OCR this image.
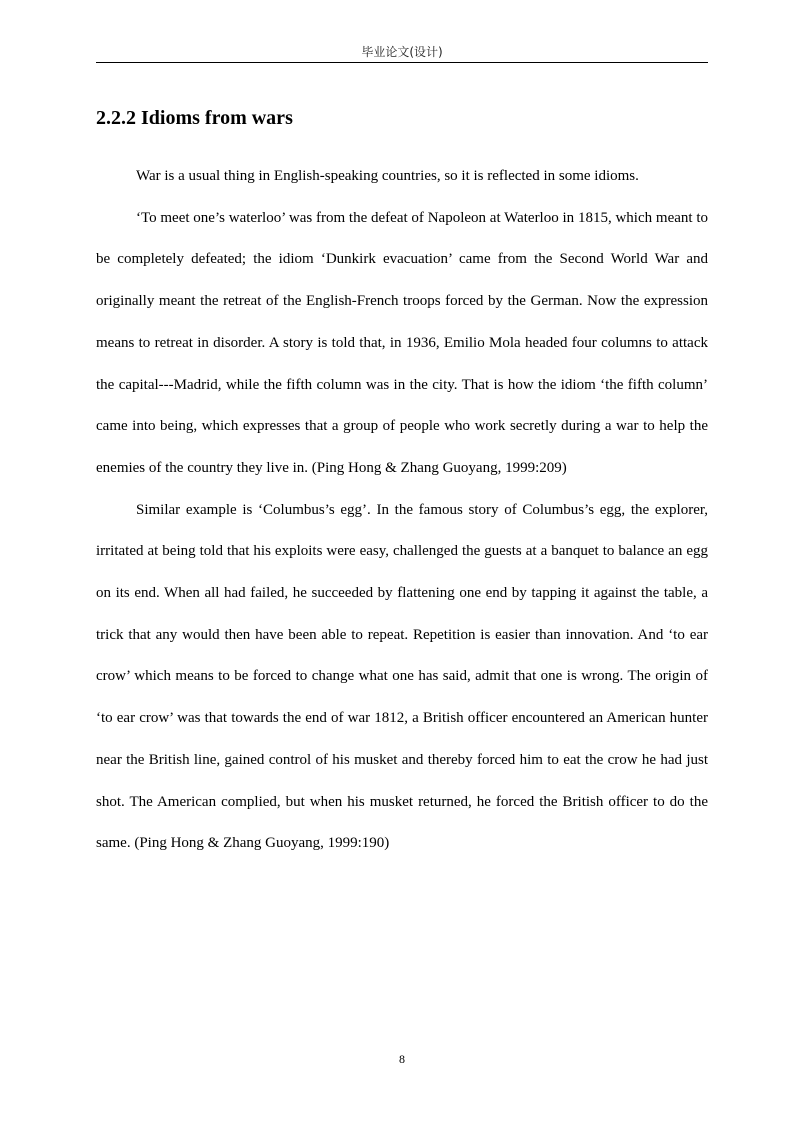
毕业论文(设计)
2.2.2 Idioms from wars

War is a usual thing in English-speaking countries, so it is reflected in some idioms.

‘To meet one’s waterloo’ was from the defeat of Napoleon at Waterloo in 1815, which meant to be completely defeated; the idiom ‘Dunkirk evacuation’ came from the Second World War and originally meant the retreat of the English-French troops forced by the German. Now the expression means to retreat in disorder. A story is told that, in 1936, Emilio Mola headed four columns to attack the capital---Madrid, while the fifth column was in the city. That is how the idiom ‘the fifth column’ came into being, which expresses that a group of people who work secretly during a war to help the enemies of the country they live in. (Ping Hong & Zhang Guoyang, 1999:209)

Similar example is ‘Columbus’s egg’. In the famous story of Columbus’s egg, the explorer, irritated at being told that his exploits were easy, challenged the guests at a banquet to balance an egg on its end. When all had failed, he succeeded by flattening one end by tapping it against the table, a trick that any would then have been able to repeat. Repetition is easier than innovation. And ‘to ear crow’ which means to be forced to change what one has said, admit that one is wrong. The origin of ‘to ear crow’ was that towards the end of war 1812, a British officer encountered an American hunter near the British line, gained control of his musket and thereby forced him to eat the crow he had just shot. The American complied, but when his musket returned, he forced the British officer to do the same. (Ping Hong & Zhang Guoyang, 1999:190)

8
